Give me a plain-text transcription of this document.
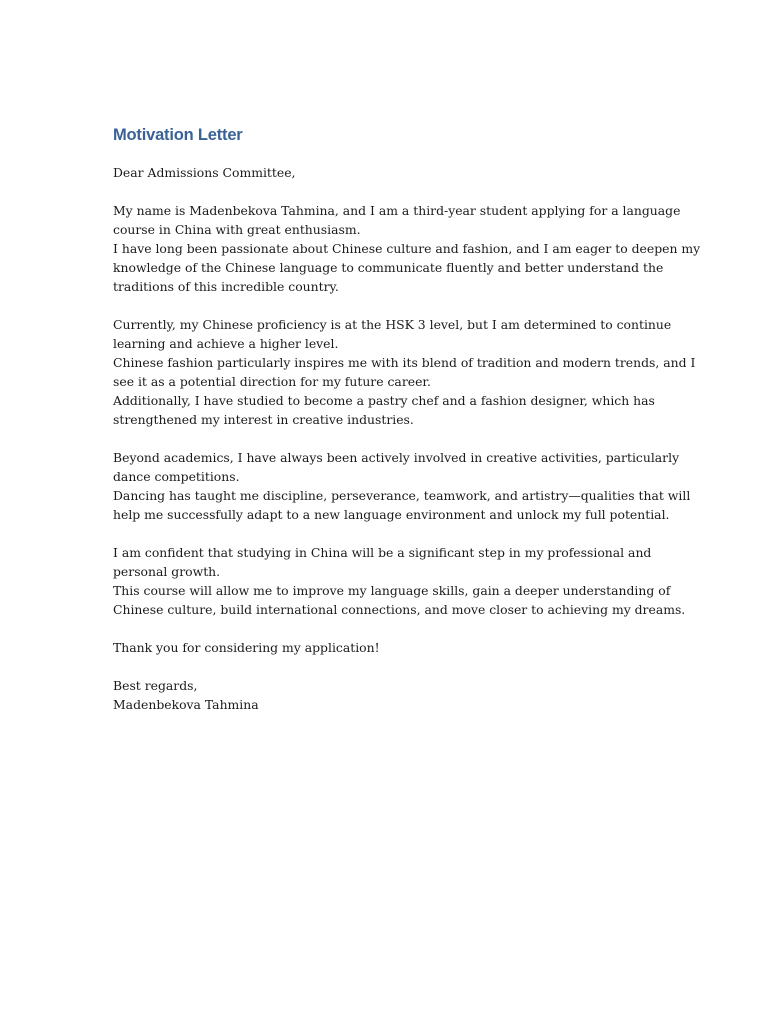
Motivation Letter
Dear Admissions Committee,
My name is Madenbekova Tahmina, and I am a third-year student applying for a language
course in China with great enthusiasm.
I have long been passionate about Chinese culture and fashion, and I am eager to deepen my
knowledge of the Chinese language to communicate fluently and better understand the
traditions of this incredible country.
Currently, my Chinese proficiency is at the HSK 3 level, but I am determined to continue
learning and achieve a higher level.
Chinese fashion particularly inspires me with its blend of tradition and modern trends, and I
see it as a potential direction for my future career.
Additionally, I have studied to become a pastry chef and a fashion designer, which has
strengthened my interest in creative industries.
Beyond academics, I have always been actively involved in creative activities, particularly
dance competitions.
Dancing has taught me discipline, perseverance, teamwork, and artistry—qualities that will
help me successfully adapt to a new language environment and unlock my full potential.
I am confident that studying in China will be a significant step in my professional and
personal growth.
This course will allow me to improve my language skills, gain a deeper understanding of
Chinese culture, build international connections, and move closer to achieving my dreams.
Thank you for considering my application!
Best regards,
Madenbekova Tahmina
